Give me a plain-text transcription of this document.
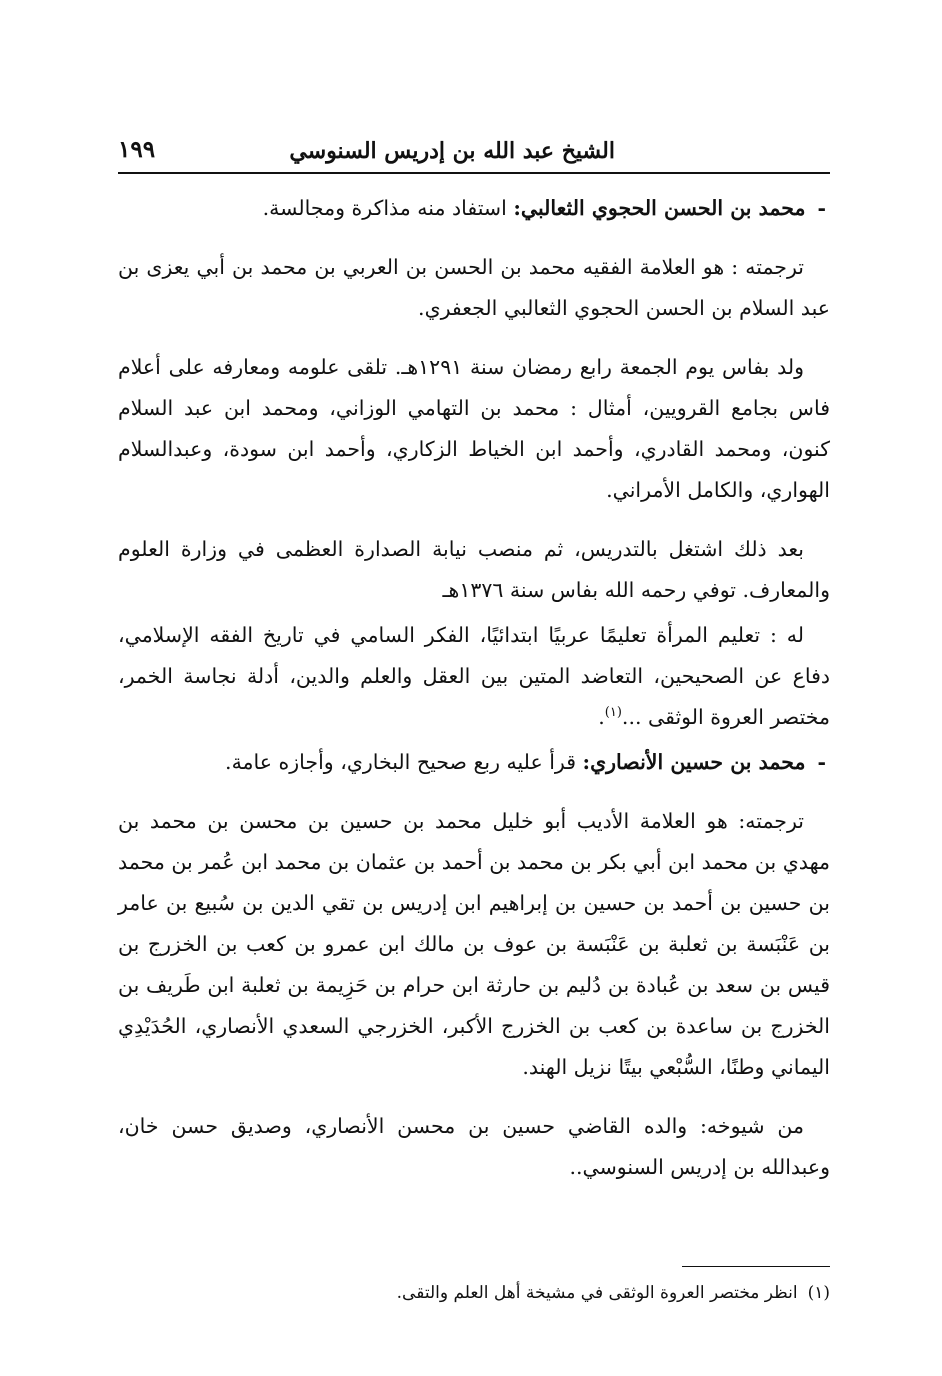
الشيخ عبد الله بن إدريس السنوسي
١٩٩

-محمد بن الحسن الحجوي الثعالبي: استفاد منه مذاكرة ومجالسة.

ترجمته : هو العلامة الفقيه محمد بن الحسن بن العربي بن محمد بن أبي يعزى بن عبد السلام بن الحسن الحجوي الثعالبي الجعفري.

ولد بفاس يوم الجمعة رابع رمضان سنة ١٢٩١هـ. تلقى علومه ومعارفه على أعلام فاس بجامع القرويين، أمثال : محمد بن التهامي الوزاني، ومحمد ابن عبد السلام كنون، ومحمد القادري، وأحمد ابن الخياط الزكاري، وأحمد ابن سودة، وعبدالسلام الهواري، والكامل الأمراني.

بعد ذلك اشتغل بالتدريس، ثم منصب نيابة الصدارة العظمى في وزارة العلوم والمعارف. توفي رحمه الله بفاس سنة ١٣٧٦هـ

له : تعليم المرأة تعليمًا عربيًا ابتدائيًا، الفكر السامي في تاريخ الفقه الإسلامي، دفاع عن الصحيحين، التعاضد المتين بين العقل والعلم والدين، أدلة نجاسة الخمر، مختصر العروة الوثقى ...$^{(١)}$.

-محمد بن حسين الأنصاري: قرأ عليه ربع صحيح البخاري، وأجازه عامة.

ترجمته: هو العلامة الأديب أبو خليل محمد بن حسين بن محسن بن محمد بن مهدي بن محمد ابن أبي بكر بن محمد بن أحمد بن عثمان بن محمد ابن عُمر بن محمد بن حسين بن أحمد بن حسين بن إبراهيم ابن إدريس بن تقي الدين بن سُبيع بن عامر بن عَنْبَسة بن ثعلبة بن عَنْبَسة بن عوف بن مالك ابن عمرو بن كعب بن الخزرج بن قيس بن سعد بن عُبادة بن دُليم بن حارثة ابن حرام بن حَزِيمة بن ثعلبة ابن طَريف بن الخزرج بن ساعدة بن كعب بن الخزرج الأكبر، الخزرجي السعدي الأنصاري، الحُدَيْدِي اليماني وطنًا، السُّبْعي بيتًا نزيل الهند.

من شيوخه: والده القاضي حسين بن محسن الأنصاري، وصديق حسن خان، وعبدالله بن إدريس السنوسي..

(١)انظر مختصر العروة الوثقى في مشيخة أهل العلم والتقى.
